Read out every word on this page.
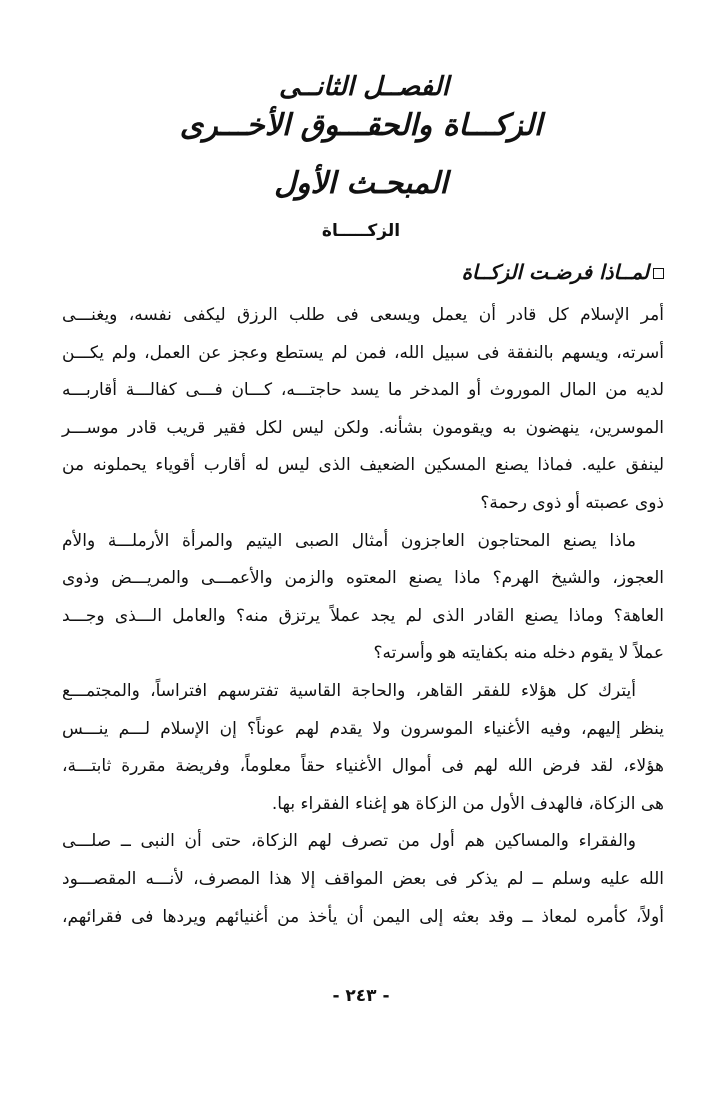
الفصــل الثانــى
الزكـــاة والحقـــوق الأخـــرى
المبحـث الأول
الزكـــــاة
لمــاذا فرضـت الزكــاة
أمر الإسلام كل قادر أن يعمل ويسعى فى طلب الرزق ليكفى نفسه، ويغنـــى
أسرته، ويسهم بالنفقة فى سبيل الله، فمن لم يستطع وعجز عن العمل، ولم يكـــن
لديه من المال الموروث أو المدخر ما يسد حاجتـــه، كـــان فـــى كفالـــة أقاربـــه
الموسرين، ينهضون به ويقومون بشأنه. ولكن ليس لكل فقير قريب قادر موســـر
لينفق عليه. فماذا يصنع المسكين الضعيف الذى ليس له أقارب أقوياء يحملونه من
ذوى عصبته أو ذوى رحمة؟
ماذا يصنع المحتاجون العاجزون أمثال الصبى اليتيم والمرأة الأرملـــة والأم
العجوز، والشيخ الهرم؟ ماذا يصنع المعتوه والزمن والأعمـــى والمريـــض وذوى
العاهة؟ وماذا يصنع القادر الذى لم يجد عملاً يرتزق منه؟ والعامل الـــذى وجـــد
عملاً لا يقوم دخله منه بكفايته هو وأسرته؟
أيترك كل هؤلاء للفقر القاهر، والحاجة القاسية تفترسهم افتراساً، والمجتمـــع
ينظر إليهم، وفيه الأغنياء الموسرون ولا يقدم لهم عوناً؟ إن الإسلام لـــم ينـــس
هؤلاء، لقد فرض الله لهم فى أموال الأغنياء حقاً معلوماً، وفريضة مقررة ثابتـــة،
هى الزكاة، فالهدف الأول من الزكاة هو إغناء الفقراء بها.
والفقراء والمساكين هم أول من تصرف لهم الزكاة، حتى أن النبى ــ صلـــى
الله عليه وسلم ــ لم يذكر فى بعض المواقف إلا هذا المصرف، لأنـــه المقصـــود
أولاً، كأمره لمعاذ ــ وقد بعثه إلى اليمن أن يأخذ من أغنيائهم ويردها فى فقرائهم،
- ٢٤٣ -
